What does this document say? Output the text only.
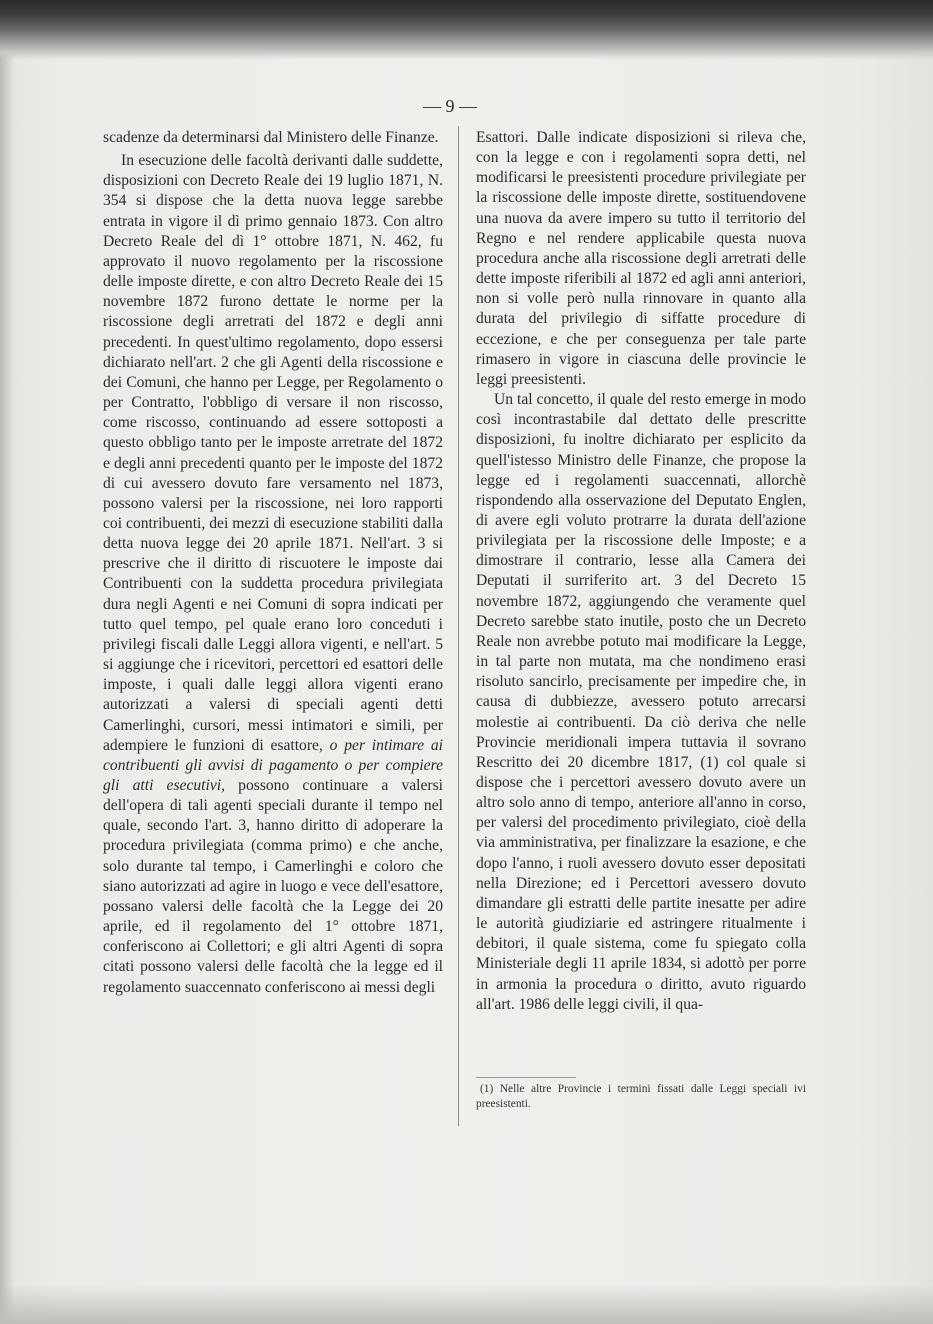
— 9 —

scadenze da determinarsi dal Ministero delle Finanze.

In esecuzione delle facoltà derivanti dalle suddette, disposizioni con Decreto Reale dei 19 luglio 1871, N. 354 si dispose che la detta nuova legge sarebbe entrata in vigore il dì primo gennaio 1873. Con altro Decreto Reale del dì 1° ottobre 1871, N. 462, fu approvato il nuovo regolamento per la riscossione delle imposte dirette, e con altro Decreto Reale dei 15 novembre 1872 furono dettate le norme per la riscossione degli arretrati del 1872 e degli anni precedenti. In quest'ultimo regolamento, dopo essersi dichiarato nell'art. 2 che gli Agenti della riscossione e dei Comuni, che hanno per Legge, per Regolamento o per Contratto, l'obbligo di versare il non riscosso, come riscosso, continuando ad essere sottoposti a questo obbligo tanto per le imposte arretrate del 1872 e degli anni precedenti quanto per le imposte del 1872 di cui avessero dovuto fare versamento nel 1873, possono valersi per la riscossione, nei loro rapporti coi contribuenti, dei mezzi di esecuzione stabiliti dalla detta nuova legge dei 20 aprile 1871. Nell'art. 3 si prescrive che il diritto di riscuotere le imposte dai Contribuenti con la suddetta procedura privilegiata dura negli Agenti e nei Comuni di sopra indicati per tutto quel tempo, pel quale erano loro conceduti i privilegi fiscali dalle Leggi allora vigenti, e nell'art. 5 si aggiunge che i ricevitori, percettori ed esattori delle imposte, i quali dalle leggi allora vigenti erano autorizzati a valersi di speciali agenti detti Camerlinghi, cursori, messi intimatori e simili, per adempiere le funzioni di esattore, o per intimare ai contribuenti gli avvisi di pagamento o per compiere gli atti esecutivi, possono continuare a valersi dell'opera di tali agenti speciali durante il tempo nel quale, secondo l'art. 3, hanno diritto di adoperare la procedura privilegiata (comma primo) e che anche, solo durante tal tempo, i Camerlinghi e coloro che siano autorizzati ad agire in luogo e vece dell'esattore, possano valersi delle facoltà che la Legge dei 20 aprile, ed il regolamento del 1° ottobre 1871, conferiscono ai Collettori; e gli altri Agenti di sopra citati possono valersi delle facoltà che la legge ed il regolamento suaccennato conferiscono ai messi degli

Esattori. Dalle indicate disposizioni si rileva che, con la legge e con i regolamenti sopra detti, nel modificarsi le preesistenti procedure privilegiate per la riscossione delle imposte dirette, sostituendovene una nuova da avere impero su tutto il territorio del Regno e nel rendere applicabile questa nuova procedura anche alla riscossione degli arretrati delle dette imposte riferibili al 1872 ed agli anni anteriori, non si volle però nulla rinnovare in quanto alla durata del privilegio di siffatte procedure di eccezione, e che per conseguenza per tale parte rimasero in vigore in ciascuna delle provincie le leggi preesistenti.

Un tal concetto, il quale del resto emerge in modo così incontrastabile dal dettato delle prescritte disposizioni, fu inoltre dichiarato per esplicito da quell'istesso Ministro delle Finanze, che propose la legge ed i regolamenti suaccennati, allorchè rispondendo alla osservazione del Deputato Englen, di avere egli voluto protrarre la durata dell'azione privilegiata per la riscossione delle Imposte; e a dimostrare il contrario, lesse alla Camera dei Deputati il surriferito art. 3 del Decreto 15 novembre 1872, aggiungendo che veramente quel Decreto sarebbe stato inutile, posto che un Decreto Reale non avrebbe potuto mai modificare la Legge, in tal parte non mutata, ma che nondimeno erasi risoluto sancirlo, precisamente per impedire che, in causa di dubbiezze, avessero potuto arrecarsi molestie ai contribuenti. Da ciò deriva che nelle Provincie meridionali impera tuttavia il sovrano Rescritto dei 20 dicembre 1817, (1) col quale si dispose che i percettori avessero dovuto avere un altro solo anno di tempo, anteriore all'anno in corso, per valersi del procedimento privilegiato, cioè della via amministrativa, per finalizzare la esazione, e che dopo l'anno, i ruoli avessero dovuto esser depositati nella Direzione; ed i Percettori avessero dovuto dimandare gli estratti delle partite inesatte per adire le autorità giudiziarie ed astringere ritualmente i debitori, il quale sistema, come fu spiegato colla Ministeriale degli 11 aprile 1834, si adottò per porre in armonia la procedura o diritto, avuto riguardo all'art. 1986 delle leggi civili, il qua-

(1) Nelle altre Provincie i termini fissati dalle Leggi speciali ivi preesistenti.
